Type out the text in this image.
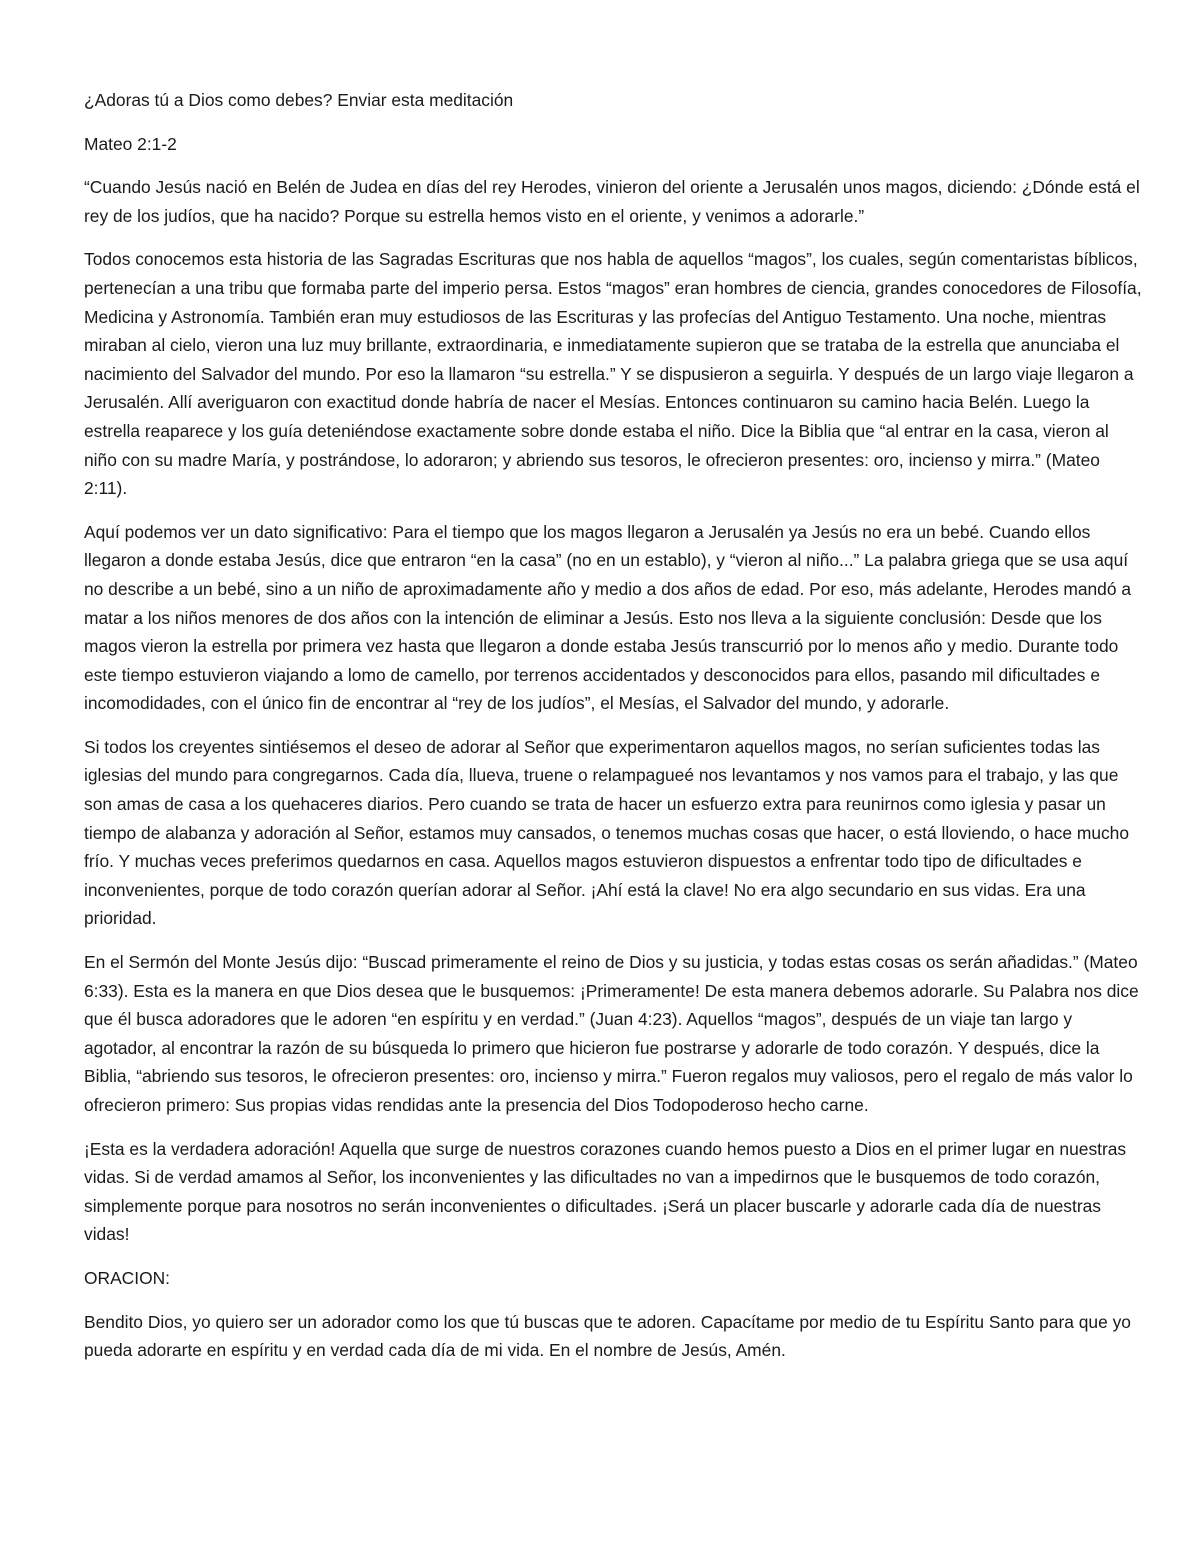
¿Adoras tú a Dios como debes? Enviar esta meditación

Mateo 2:1-2

“Cuando Jesús nació en Belén de Judea en días del rey Herodes, vinieron del oriente a Jerusalén unos magos, diciendo: ¿Dónde está el rey de los judíos, que ha nacido? Porque su estrella hemos visto en el oriente, y venimos a adorarle.”

Todos conocemos esta historia de las Sagradas Escrituras que nos habla de aquellos “magos”, los cuales, según comentaristas bíblicos, pertenecían a una tribu que formaba parte del imperio persa. Estos “magos” eran hombres de ciencia, grandes conocedores de Filosofía, Medicina y Astronomía. También eran muy estudiosos de las Escrituras y las profecías del Antiguo Testamento. Una noche, mientras miraban al cielo, vieron una luz muy brillante, extraordinaria, e inmediatamente supieron que se trataba de la estrella que anunciaba el nacimiento del Salvador del mundo. Por eso la llamaron “su estrella.” Y se dispusieron a seguirla. Y después de un largo viaje llegaron a Jerusalén. Allí averiguaron con exactitud donde habría de nacer el Mesías. Entonces continuaron su camino hacia Belén. Luego la estrella reaparece y los guía deteniéndose exactamente sobre donde estaba el niño. Dice la Biblia que “al entrar en la casa, vieron al niño con su madre María, y postrándose, lo adoraron; y abriendo sus tesoros, le ofrecieron presentes: oro, incienso y mirra.” (Mateo 2:11).

Aquí podemos ver un dato significativo: Para el tiempo que los magos llegaron a Jerusalén ya Jesús no era un bebé. Cuando ellos llegaron a donde estaba Jesús, dice que entraron “en la casa” (no en un establo), y “vieron al niño...” La palabra griega que se usa aquí no describe a un bebé, sino a un niño de aproximadamente año y medio a dos años de edad. Por eso, más adelante, Herodes mandó a matar a los niños menores de dos años con la intención de eliminar a Jesús. Esto nos lleva a la siguiente conclusión: Desde que los magos vieron la estrella por primera vez hasta que llegaron a donde estaba Jesús transcurrió por lo menos año y medio. Durante todo este tiempo estuvieron viajando a lomo de camello, por terrenos accidentados y desconocidos para ellos, pasando mil dificultades e incomodidades, con el único fin de encontrar al “rey de los judíos”, el Mesías, el Salvador del mundo, y adorarle.

Si todos los creyentes sintiésemos el deseo de adorar al Señor que experimentaron aquellos magos, no serían suficientes todas las iglesias del mundo para congregarnos. Cada día, llueva, truene o relampagueé nos levantamos y nos vamos para el trabajo, y las que son amas de casa a los quehaceres diarios. Pero cuando se trata de hacer un esfuerzo extra para reunirnos como iglesia y pasar un tiempo de alabanza y adoración al Señor, estamos muy cansados, o tenemos muchas cosas que hacer, o está lloviendo, o hace mucho frío. Y muchas veces preferimos quedarnos en casa. Aquellos magos estuvieron dispuestos a enfrentar todo tipo de dificultades e inconvenientes, porque de todo corazón querían adorar al Señor. ¡Ahí está la clave! No era algo secundario en sus vidas. Era una prioridad.

En el Sermón del Monte Jesús dijo: “Buscad primeramente el reino de Dios y su justicia, y todas estas cosas os serán añadidas.” (Mateo 6:33). Esta es la manera en que Dios desea que le busquemos: ¡Primeramente! De esta manera debemos adorarle. Su Palabra nos dice que él busca adoradores que le adoren “en espíritu y en verdad.” (Juan 4:23). Aquellos “magos”, después de un viaje tan largo y agotador, al encontrar la razón de su búsqueda lo primero que hicieron fue postrarse y adorarle de todo corazón. Y después, dice la Biblia, “abriendo sus tesoros, le ofrecieron presentes: oro, incienso y mirra.” Fueron regalos muy valiosos, pero el regalo de más valor lo ofrecieron primero: Sus propias vidas rendidas ante la presencia del Dios Todopoderoso hecho carne.

¡Esta es la verdadera adoración! Aquella que surge de nuestros corazones cuando hemos puesto a Dios en el primer lugar en nuestras vidas. Si de verdad amamos al Señor, los inconvenientes y las dificultades no van a impedirnos que le busquemos de todo corazón, simplemente porque para nosotros no serán inconvenientes o dificultades. ¡Será un placer buscarle y adorarle cada día de nuestras vidas!

ORACION:

Bendito Dios, yo quiero ser un adorador como los que tú buscas que te adoren. Capacítame por medio de tu Espíritu Santo para que yo pueda adorarte en espíritu y en verdad cada día de mi vida. En el nombre de Jesús, Amén.
